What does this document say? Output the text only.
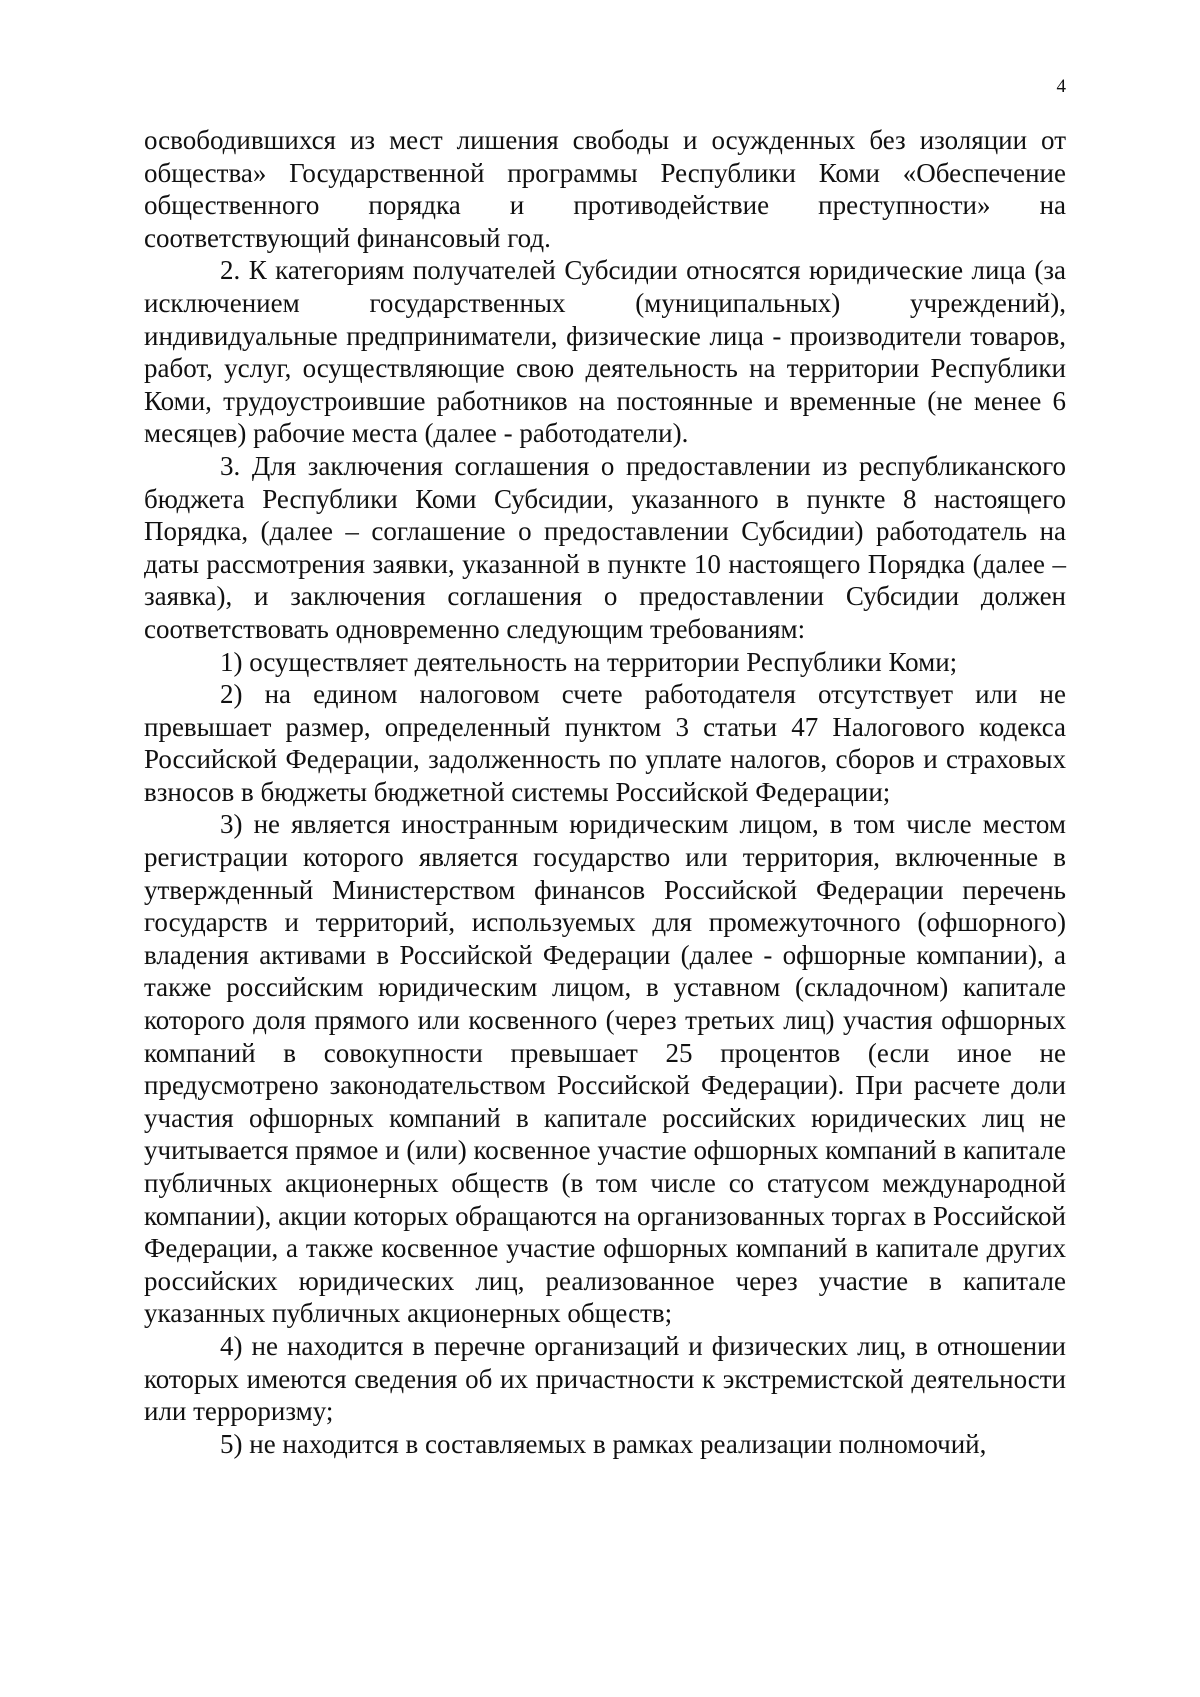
4

освободившихся из мест лишения свободы и осужденных без изоляции от общества» Государственной программы Республики Коми «Обеспечение общественного порядка и противодействие преступности» на соответствующий финансовый год.

2. К категориям получателей Субсидии относятся юридические лица (за исключением государственных (муниципальных) учреждений), индивидуальные предприниматели, физические лица - производители товаров, работ, услуг, осуществляющие свою деятельность на территории Республики Коми, трудоустроившие работников на постоянные и временные (не менее 6 месяцев) рабочие места (далее - работодатели).

3. Для заключения соглашения о предоставлении из республиканского бюджета Республики Коми Субсидии, указанного в пункте 8 настоящего Порядка, (далее – соглашение о предоставлении Субсидии) работодатель на даты рассмотрения заявки, указанной в пункте 10 настоящего Порядка (далее – заявка), и заключения соглашения о предоставлении Субсидии должен соответствовать одновременно следующим требованиям:

1) осуществляет деятельность на территории Республики Коми;

2) на едином налоговом счете работодателя отсутствует или не превышает размер, определенный пунктом 3 статьи 47 Налогового кодекса Российской Федерации, задолженность по уплате налогов, сборов и страховых взносов в бюджеты бюджетной системы Российской Федерации;

3) не является иностранным юридическим лицом, в том числе местом регистрации которого является государство или территория, включенные в утвержденный Министерством финансов Российской Федерации перечень государств и территорий, используемых для промежуточного (офшорного) владения активами в Российской Федерации (далее - офшорные компании), а также российским юридическим лицом, в уставном (складочном) капитале которого доля прямого или косвенного (через третьих лиц) участия офшорных компаний в совокупности превышает 25 процентов (если иное не предусмотрено законодательством Российской Федерации). При расчете доли участия офшорных компаний в капитале российских юридических лиц не учитывается прямое и (или) косвенное участие офшорных компаний в капитале публичных акционерных обществ (в том числе со статусом международной компании), акции которых обращаются на организованных торгах в Российской Федерации, а также косвенное участие офшорных компаний в капитале других российских юридических лиц, реализованное через участие в капитале указанных публичных акционерных обществ;

4) не находится в перечне организаций и физических лиц, в отношении которых имеются сведения об их причастности к экстремистской деятельности или терроризму;

5) не находится в составляемых в рамках реализации полномочий,
